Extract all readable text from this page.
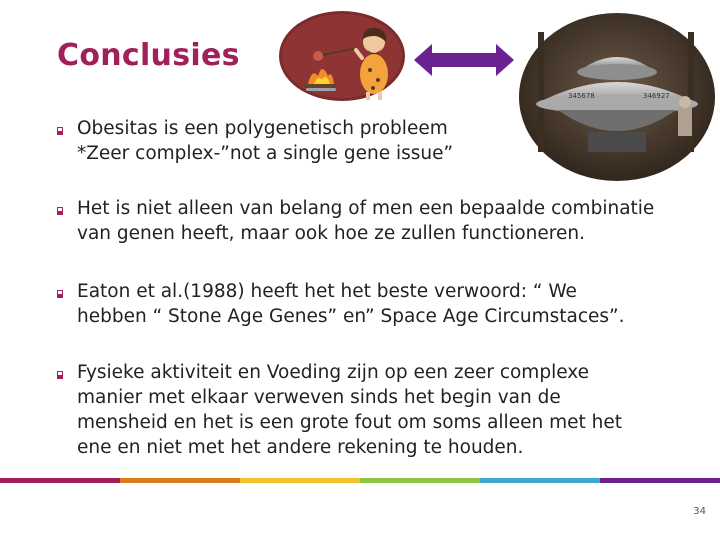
Conclusies
345678	346927
Obesitas is een polygenetisch probleem
*Zeer complex-”not a single gene issue”
Het is niet alleen van belang of men een bepaalde combinatie
van genen heeft, maar ook hoe ze zullen functioneren.
Eaton et al.(1988) heeft het het beste verwoord: “ We
hebben “ Stone Age Genes” en” Space Age Circumstaces”.
Fysieke aktiviteit en Voeding zijn op een zeer complexe
manier met elkaar verweven sinds het begin van de
mensheid en het is een grote fout om soms alleen met het
ene en niet met het andere rekening te houden.
34
